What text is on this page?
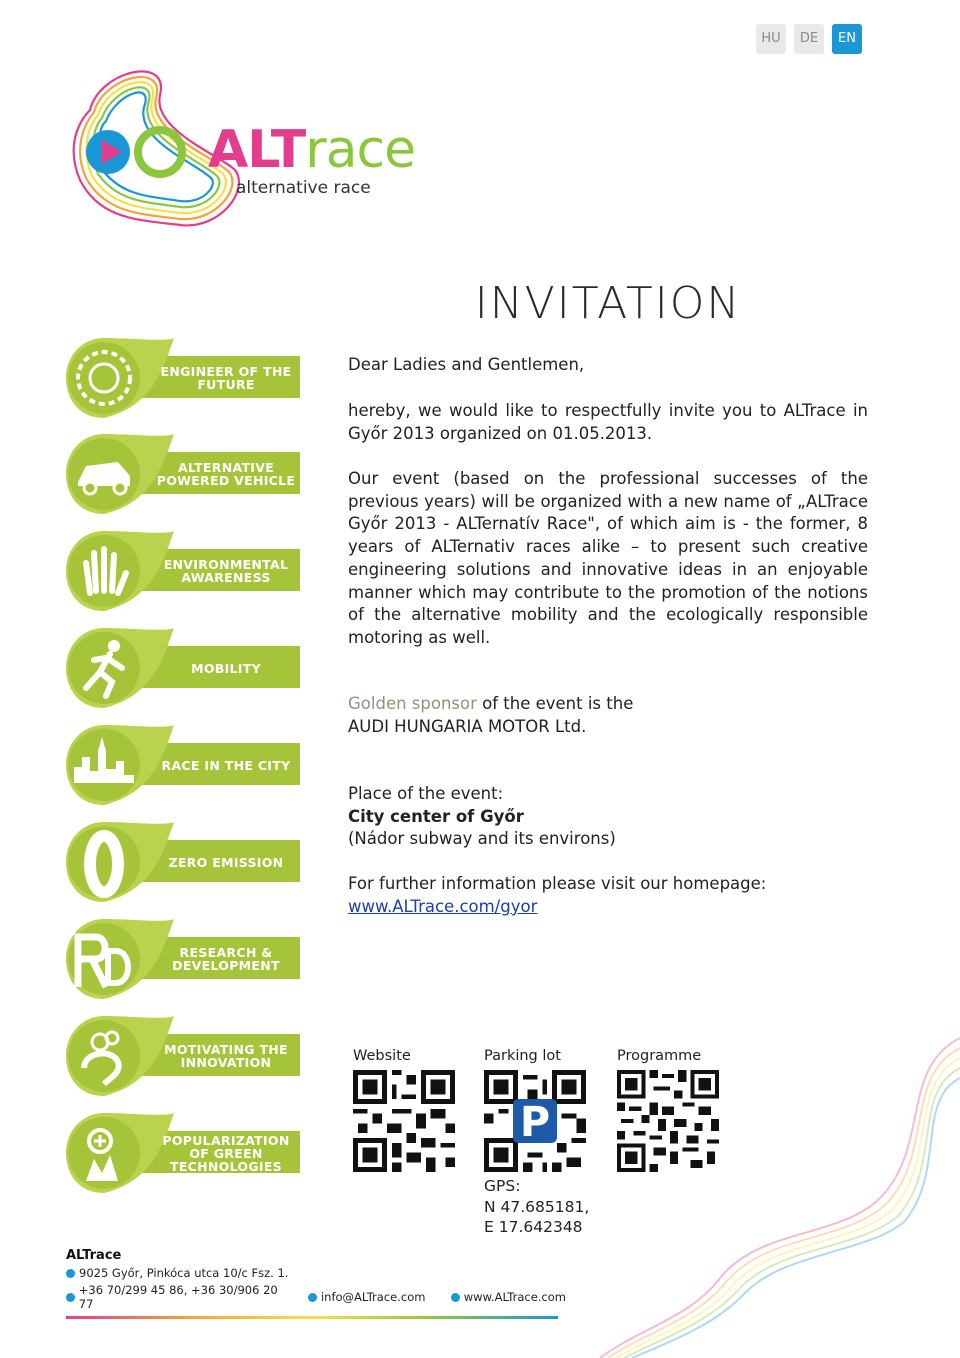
HU	DE	EN
ALTrace
alternative race
INVITATION
ENGINEER OF THE FUTURE
ALTERNATIVE POWERED VEHICLE
ENVIRONMENTAL AWARENESS
MOBILITY
RACE IN THE CITY
ZERO EMISSION
RESEARCH & DEVELOPMENT
MOTIVATING THE INNOVATION
POPULARIZATION OF GREEN TECHNOLOGIES

Dear Ladies and Gentlemen,

hereby, we would like to respectfully invite you to ALTrace in Győr 2013 organized on 01.05.2013.

Our event (based on the professional successes of the previous years) will be organized with a new name of „ALTrace Győr 2013 - ALTernatív Race", of which aim is - the former, 8 years of ALTernativ races alike – to present such creative engineering solutions and innovative ideas in an enjoyable manner which may contribute to the promotion of the notions of the alternative mobility and the ecologically responsible motoring as well.

Golden sponsor of the event is the
AUDI HUNGARIA MOTOR Ltd.
Place of the event:
City center of Győr
(Nádor subway and its environs)
For further information please visit our homepage:
www.ALTrace.com/gyor
Website	Parking lot
P
Programme
GPS:
N 47.685181,
E 17.642348
ALTrace
9025 Győr, Pinkóca utca 10/c Fsz. 1.
+36 70/299 45 86, +36 30/906 20 77	info@ALTrace.com	www.ALTrace.com
